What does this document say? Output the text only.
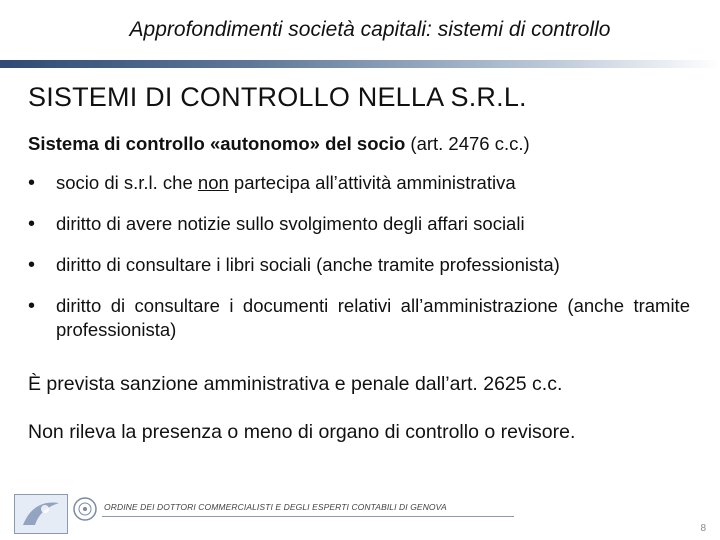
Approfondimenti società capitali: sistemi di controllo
SISTEMI DI CONTROLLO NELLA S.R.L.
Sistema di controllo «autonomo» del socio (art. 2476 c.c.)
• socio di s.r.l. che non partecipa all’attività amministrativa
• diritto di avere notizie sullo svolgimento degli affari sociali
• diritto di consultare i libri sociali (anche tramite professionista)
• diritto di consultare i documenti relativi all’amministrazione (anche tramite professionista)
È prevista sanzione amministrativa e penale dall’art. 2625 c.c.
Non rileva la presenza o meno di organo di controllo o revisore.
ORDINE DEI DOTTORI COMMERCIALISTI E DEGLI ESPERTI CONTABILI DI GENOVA
8
